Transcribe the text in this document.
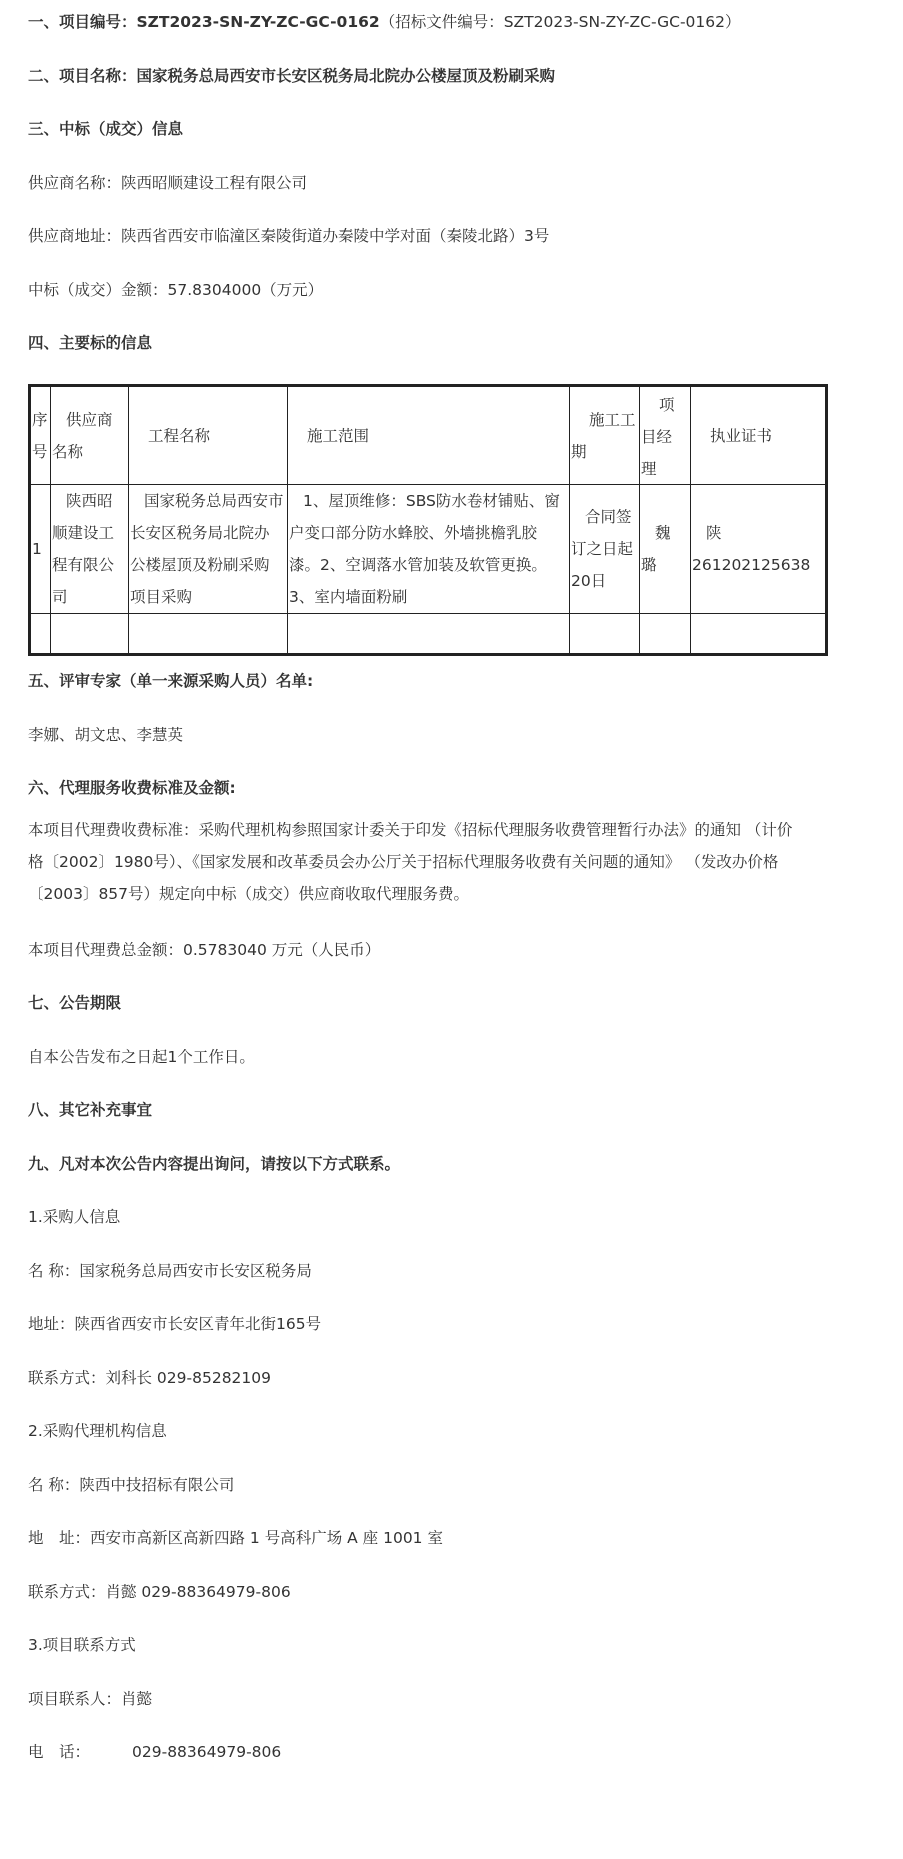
一、项目编号：SZT2023-SN-ZY-ZC-GC-0162（招标文件编号：SZT2023-SN-ZY-ZC-GC-0162）

二、项目名称：国家税务总局西安市长安区税务局北院办公楼屋顶及粉刷采购

三、中标（成交）信息

供应商名称：陕西昭顺建设工程有限公司

供应商地址：陕西省西安市临潼区秦陵街道办秦陵中学对面（秦陵北路）3号

中标（成交）金额：57.8304000（万元）

四、主要标的信息

序
号
供应商
名称
工程名称	施工范围
施工工
期
项
目经
理
执业证书
1
陕西昭
顺建设工
程有限公
司
国家税务总局西安市
长安区税务局北院办
公楼屋顶及粉刷采购
项目采购
1、屋顶维修：SBS防水卷材铺贴、窗
户变口部分防水蜂胶、外墙挑檐乳胶
漆。2、空调落水管加装及软管更换。
3、室内墙面粉刷
合同签
订之日起
20日
魏
璐
陕
261202125638

五、评审专家（单一来源采购人员）名单:

李娜、胡文忠、李慧英

六、代理服务收费标准及金额:

本项目代理费收费标准：采购代理机构参照国家计委关于印发《招标代理服务收费管理暂行办法》的通知 （计价
格〔2002〕1980号）、《国家发展和改革委员会办公厅关于招标代理服务收费有关问题的通知》 （发改办价格
〔2003〕857号）规定向中标（成交）供应商收取代理服务费。

本项目代理费总金额：0.5783040 万元（人民币）

七、公告期限

自本公告发布之日起1个工作日。

八、其它补充事宜

九、凡对本次公告内容提出询问，请按以下方式联系。

1.采购人信息

名 称：国家税务总局西安市长安区税务局

地址：陕西省西安市长安区青年北街165号

联系方式：刘科长 029-85282109

2.采购代理机构信息

名 称：陕西中技招标有限公司

地　址：西安市高新区高新四路 1 号高科广场 A 座 1001 室

联系方式：肖懿 029-88364979-806

3.项目联系方式

项目联系人：肖懿

电　话：	029-88364979-806
